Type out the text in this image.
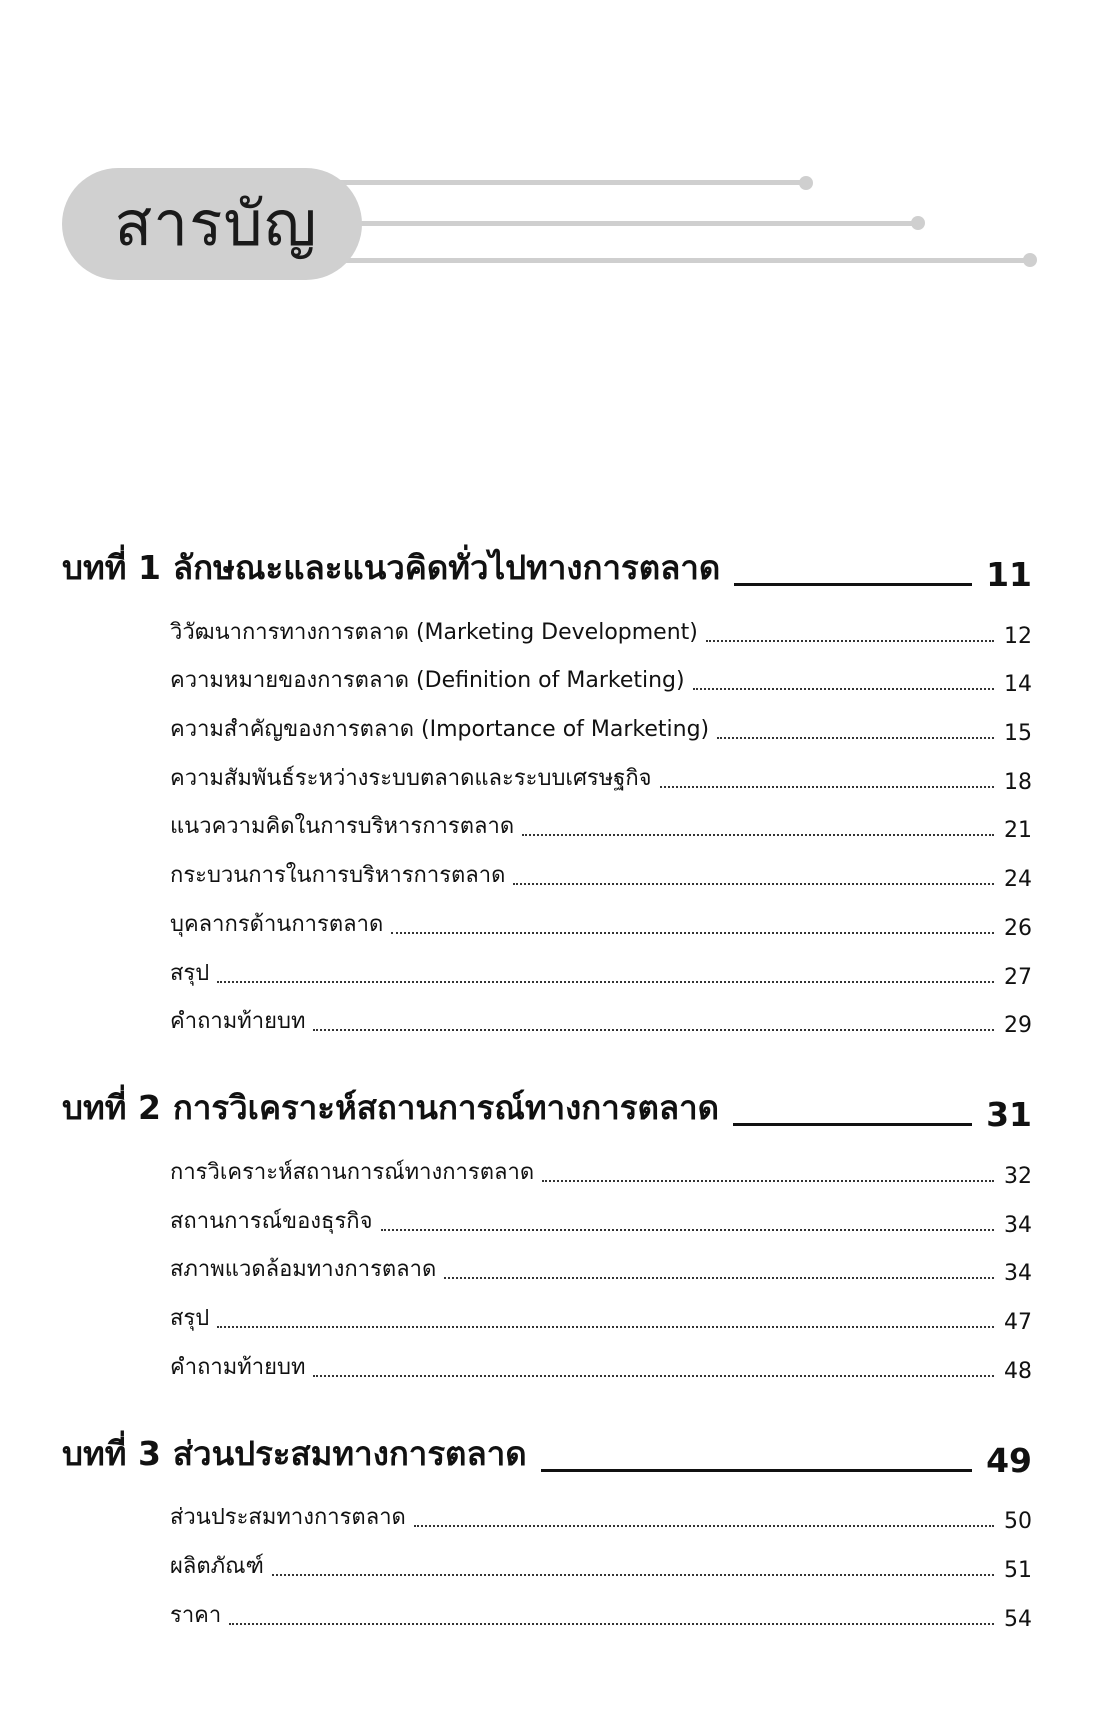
สารบัญ
บทที่ 1 ลักษณะและแนวคิดทั่วไปทางการตลาด	11
วิวัฒนาการทางการตลาด (Marketing Development)	12
ความหมายของการตลาด (Definition of Marketing)	14
ความสำคัญของการตลาด (Importance of Marketing)	15
ความสัมพันธ์ระหว่างระบบตลาดและระบบเศรษฐกิจ	18
แนวความคิดในการบริหารการตลาด	21
กระบวนการในการบริหารการตลาด	24
บุคลากรด้านการตลาด	26
สรุป	27
คำถามท้ายบท	29
บทที่ 2 การวิเคราะห์สถานการณ์ทางการตลาด	31
การวิเคราะห์สถานการณ์ทางการตลาด	32
สถานการณ์ของธุรกิจ	34
สภาพแวดล้อมทางการตลาด	34
สรุป	47
คำถามท้ายบท	48
บทที่ 3 ส่วนประสมทางการตลาด	49
ส่วนประสมทางการตลาด	50
ผลิตภัณฑ์	51
ราคา	54
